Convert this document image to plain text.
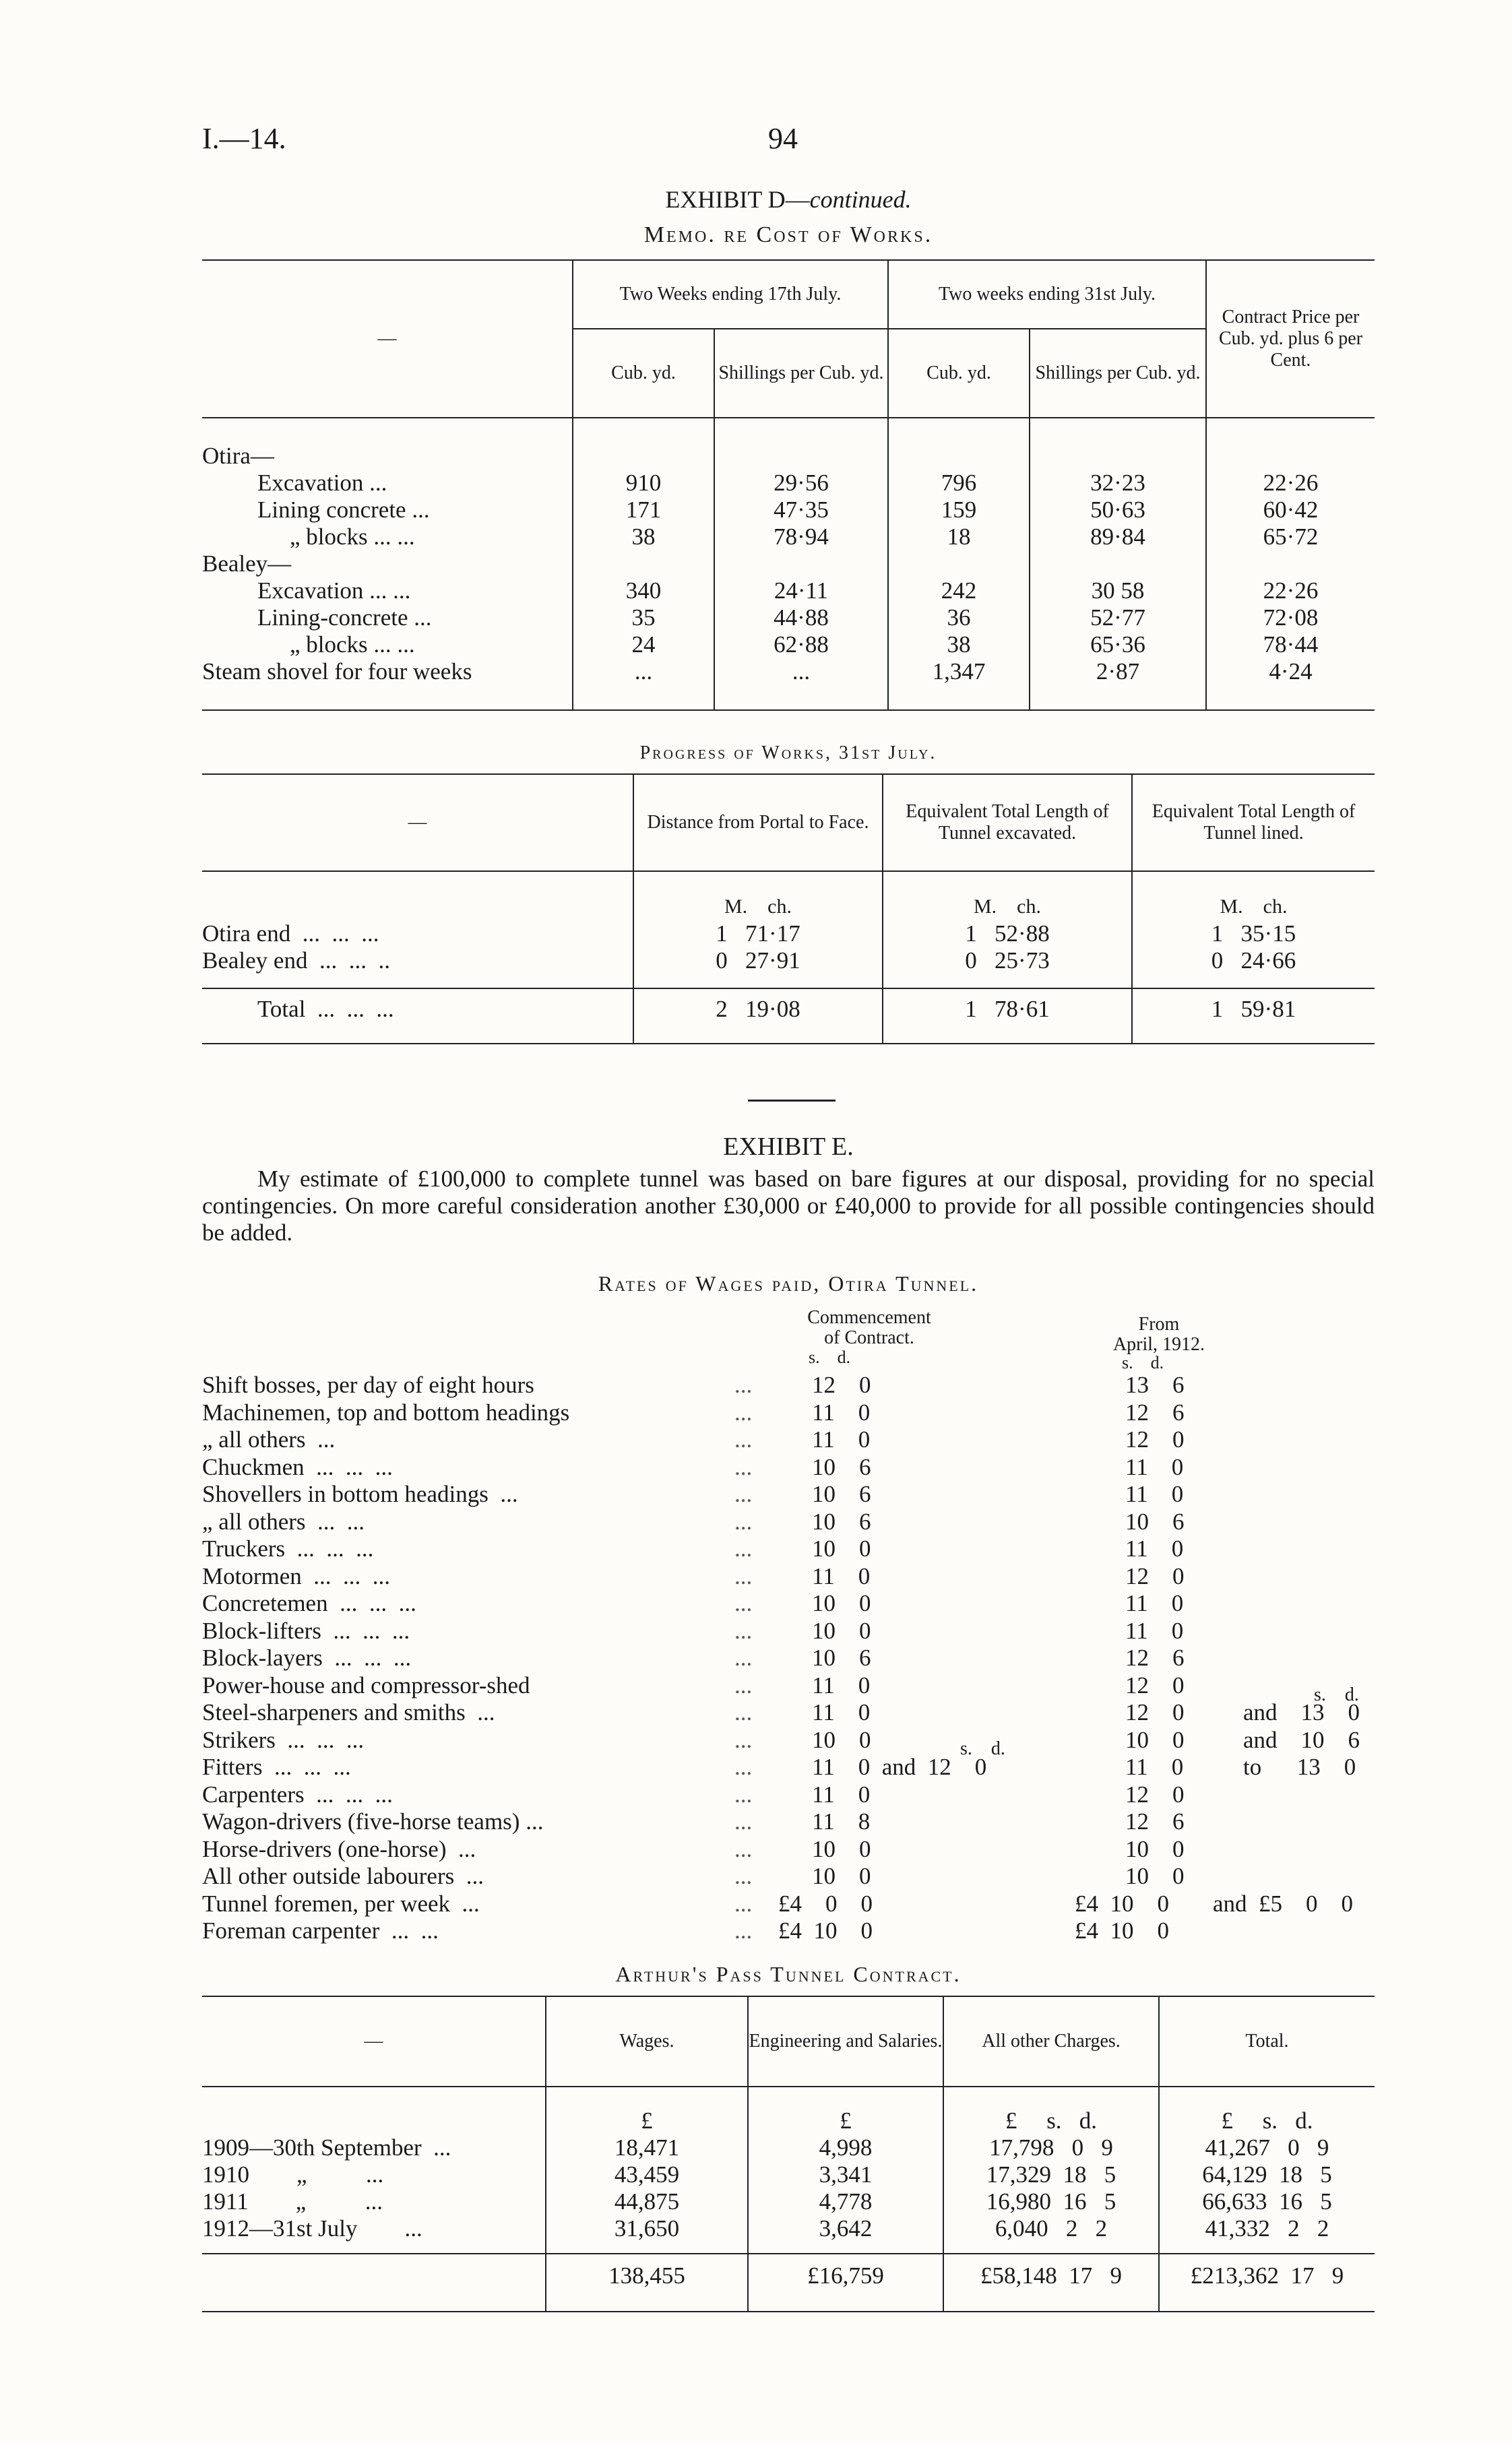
I.—14.	94
EXHIBIT D—continued.
Memo. re Cost of Works.
—	Two Weeks ending 17th July.		Two weeks ending 31st July.		Contract Price per Cub. yd. plus 6 per Cent.
	Cub. yd.	Shillings per Cub. yd.	Cub. yd.	Shillings per Cub. yd.	

Otira—					
Excavation ...	910	29·56	796	32·23	22·26
Lining concrete ...	171	47·35	159	50·63	60·42
„ blocks ... ...	38	78·94	18	89·84	65·72
Bealey—					
Excavation ... ...	340	24·11	242	30 58	22·26
Lining-concrete ...	35	44·88	36	52·77	72·08
„ blocks ... ...	24	62·88	38	65·36	78·44
Steam shovel for four weeks	...	...	1,347	2·87	4·24

Progress of Works, 31st July.
—	Distance from Portal to Face.	Equivalent Total Length of Tunnel excavated.	Equivalent Total Length of Tunnel lined.

	M.    ch.	M.    ch.	M.    ch.
Otira end  ...  ...  ...	1   71·17	1   52·88	1   35·15
Bealey end  ...  ...  ..	0   27·91	0   25·73	0   24·66

Total  ...  ...  ...	2   19·08	1   78·61	1   59·81

EXHIBIT E.

My estimate of £100,000 to complete tunnel was based on bare figures at our disposal, providing for no special contingencies. On more careful consideration another £30,000 or £40,000 to provide for all possible contingencies should be added.

Rates of Wages paid, Otira Tunnel.
Commencement
of Contract.
s.    d.
From
April, 1912.
s.    d.
s.    d.
s.    d.
Shift bosses, per day of eight hours	...	12    0	13    6
Machinemen, top and bottom headings	...	11    0	12    6
„ all others  ...	...	11    0	12    0
Chuckmen  ...  ...  ...	...	10    6	11    0
Shovellers in bottom headings  ...	...	10    6	11    0
„ all others  ...  ...	...	10    6	10    6
Truckers  ...  ...  ...	...	10    0	11    0
Motormen  ...  ...  ...	...	11    0	12    0
Concretemen  ...  ...  ...	...	10    0	11    0
Block-lifters  ...  ...  ...	...	10    0	11    0
Block-layers  ...  ...  ...	...	10    6	12    6
Power-house and compressor-shed	...	11    0	12    0
Steel-sharpeners and smiths  ...	...	11    0	12    0	and    13    0
Strikers  ...  ...  ...	...	10    0	10    0	and    10    6
Fitters  ...  ...  ...	...	11    0  and  12    0	11    0	to      13    0
Carpenters  ...  ...  ...	...	11    0	12    0
Wagon-drivers (five-horse teams) ...	...	11    8	12    6
Horse-drivers (one-horse)  ...	...	10    0	10    0
All other outside labourers  ...	...	10    0	10    0
Tunnel foremen, per week  ...	... £4    0    0	£4  10    0 and  £5    0    0
Foreman carpenter  ...  ...	... £4  10    0	£4  10    0
Arthur's Pass Tunnel Contract.
—	Wages.	Engineering and Salaries.	All other Charges.	Total.

	£	£	£     s.   d.	£     s.   d.
1909—30th September  ...	18,471	4,998	17,798   0   9	41,267   0   9
1910        „          ...	43,459	3,341	17,329  18   5	64,129  18   5
1911        „          ...	44,875	4,778	16,980  16   5	66,633  16   5
1912—31st July        ...	31,650	3,642	6,040   2   2	41,332   2   2

	138,455	£16,759	£58,148  17   9	£213,362  17   9
